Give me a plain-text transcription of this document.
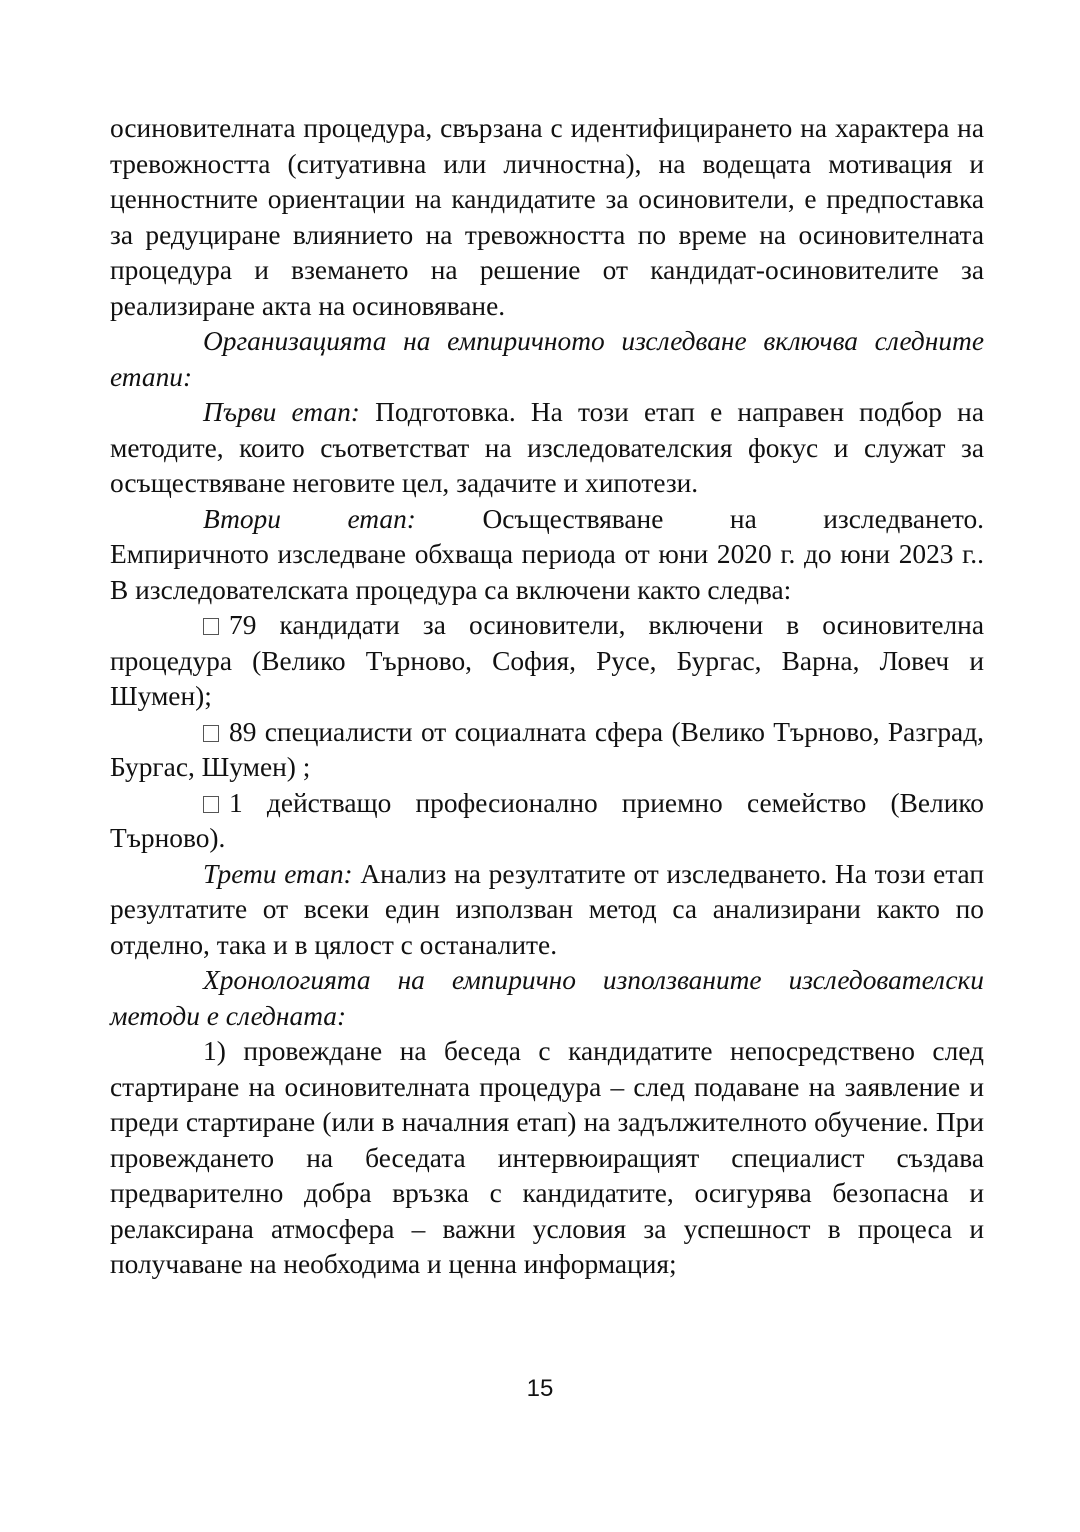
осиновителната процедура, свързана с идентифицирането на характера на тревожността (ситуативна или личностна), на водещата мотивация и ценностните ориентации на кандидатите за осиновители, е предпоставка за редуциране влиянието на тревожността по време на осиновителната процедура и вземането на решение от кандидат-осиновителите за реализиране акта на осиновяване.

Организацията на емпиричното изследване включва следните етапи:

Първи етап: Подготовка. На този етап е направен подбор на методите, които съответстват на изследователския фокус и служат за осъществяване неговите цел, задачите и хипотези.

Втори етап: Осъществяване на изследването.

Емпиричното изследване обхваща периода от юни 2020 г. до юни 2023 г.. В изследователската процедура са включени както следва:

79 кандидати за осиновители, включени в осиновителна процедура (Велико Търново, София, Русе, Бургас, Варна, Ловеч и Шумен);

89 специалисти от социалната сфера (Велико Търново, Разград, Бургас, Шумен) ;

1 действащо професионално приемно семейство (Велико Търново).

Трети етап: Анализ на резултатите от изследването. На този етап резултатите от всеки един използван метод са анализирани както по отделно, така и в цялост с останалите.

Хронологията на емпирично използваните изследователски методи е следната:

1) провеждане на беседа с кандидатите непосредствено след стартиране на осиновителната процедура – след подаване на заявление и преди стартиране (или в началния етап) на задължителното обучение. При провеждането на беседата интервюиращият специалист създава предварително добра връзка с кандидатите, осигурява безопасна и релаксирана атмосфера – важни условия за успешност в процеса и получаване на необходима и ценна информация;

15
